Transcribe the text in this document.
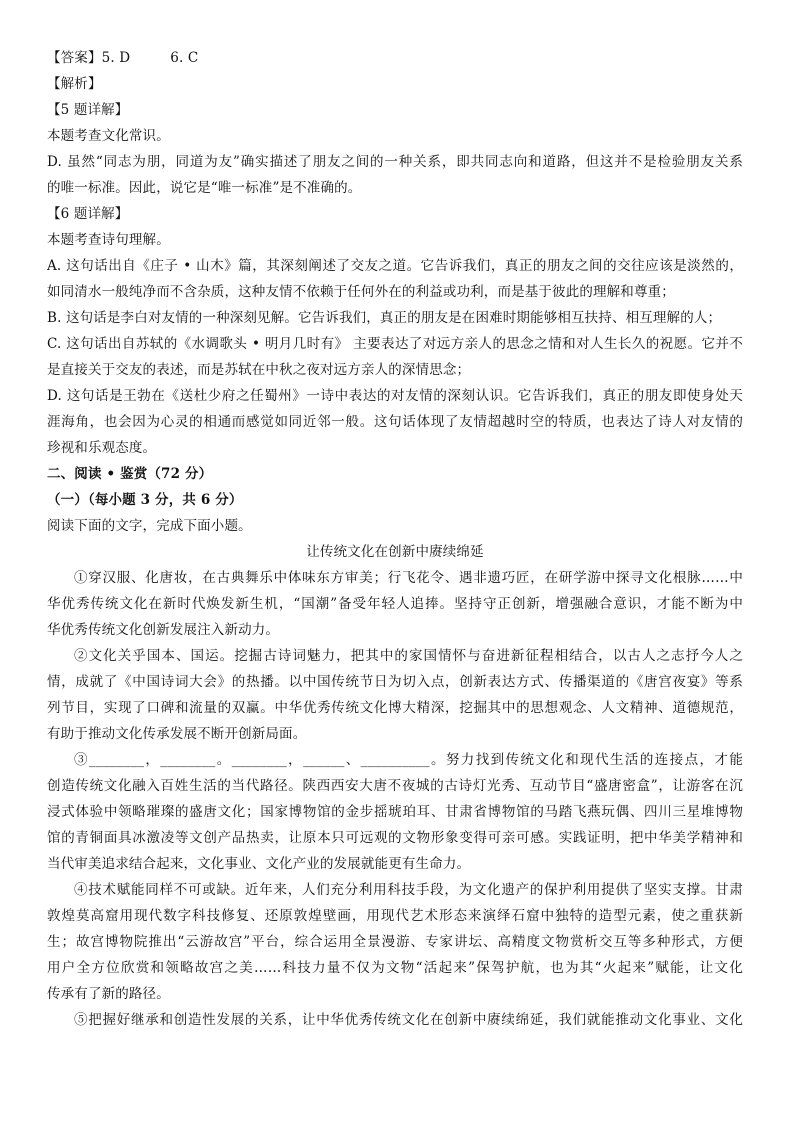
【答案】5. D	6. C
【解析】
【5 题详解】
本题考查文化常识。
D. 虽然“同志为朋，同道为友”确实描述了朋友之间的一种关系，即共同志向和道路，但这并不是检验朋友关系
的唯一标准。因此，说它是“唯一标准”是不准确的。
【6 题详解】
本题考查诗句理解。
A. 这句话出自《庄子 • 山木》篇，其深刻阐述了交友之道。它告诉我们，真正的朋友之间的交往应该是淡然的，
如同清水一般纯净而不含杂质，这种友情不依赖于任何外在的利益或功利，而是基于彼此的理解和尊重；
B. 这句话是李白对友情的一种深刻见解。它告诉我们，真正的朋友是在困难时期能够相互扶持、相互理解的人；
C. 这句话出自苏轼的《水调歌头 • 明月几时有》 主要表达了对远方亲人的思念之情和对人生长久的祝愿。它并不
是直接关于交友的表述，而是苏轼在中秋之夜对远方亲人的深情思念；
D. 这句话是王勃在《送杜少府之任蜀州》一诗中表达的对友情的深刻认识。它告诉我们，真正的朋友即使身处天
涯海角，也会因为心灵的相通而感觉如同近邻一般。这句话体现了友情超越时空的特质，也表达了诗人对友情的
珍视和乐观态度。
二、阅读 • 鉴赏（72 分）
（一）（每小题 3 分，共 6 分）
阅读下面的文字，完成下面小题。
让传统文化在创新中赓续绵延
①穿汉服、化唐妆，在古典舞乐中体味东方审美；行飞花令、遇非遗巧匠，在研学游中探寻文化根脉……中
华优秀传统文化在新时代焕发新生机，“国潮”备受年轻人追捧。坚持守正创新，增强融合意识，才能不断为中
华优秀传统文化创新发展注入新动力。
②文化关乎国本、国运。挖掘古诗词魅力，把其中的家国情怀与奋进新征程相结合，以古人之志抒今人之
情，成就了《中国诗词大会》的热播。以中国传统节日为切入点，创新表达方式、传播渠道的《唐宫夜宴》等系
列节目，实现了口碑和流量的双赢。中华优秀传统文化博大精深，挖掘其中的思想观念、人文精神、道德规范，
有助于推动文化传承发展不断开创新局面。
③________，________。________，______、__________。努力找到传统文化和现代生活的连接点，才能
创造传统文化融入百姓生活的当代路径。陕西西安大唐不夜城的古诗灯光秀、互动节目“盛唐密盒”，让游客在沉
浸式体验中领略璀璨的盛唐文化；国家博物馆的金步摇琥珀耳、甘肃省博物馆的马踏飞燕玩偶、四川三星堆博物
馆的青铜面具冰激凌等文创产品热卖，让原本只可远观的文物形象变得可亲可感。实践证明，把中华美学精神和
当代审美追求结合起来，文化事业、文化产业的发展就能更有生命力。
④技术赋能同样不可或缺。近年来，人们充分利用科技手段，为文化遗产的保护利用提供了坚实支撑。甘肃
敦煌莫高窟用现代数字科技修复、还原敦煌壁画，用现代艺术形态来演绎石窟中独特的造型元素，使之重获新
生；故宫博物院推出“云游故宫”平台，综合运用全景漫游、专家讲坛、高精度文物赏析交互等多种形式，方便
用户全方位欣赏和领略故宫之美……科技力量不仅为文物“活起来”保驾护航，也为其“火起来”赋能，让文化
传承有了新的路径。
⑤把握好继承和创造性发展的关系，让中华优秀传统文化在创新中赓续绵延，我们就能推动文化事业、文化
